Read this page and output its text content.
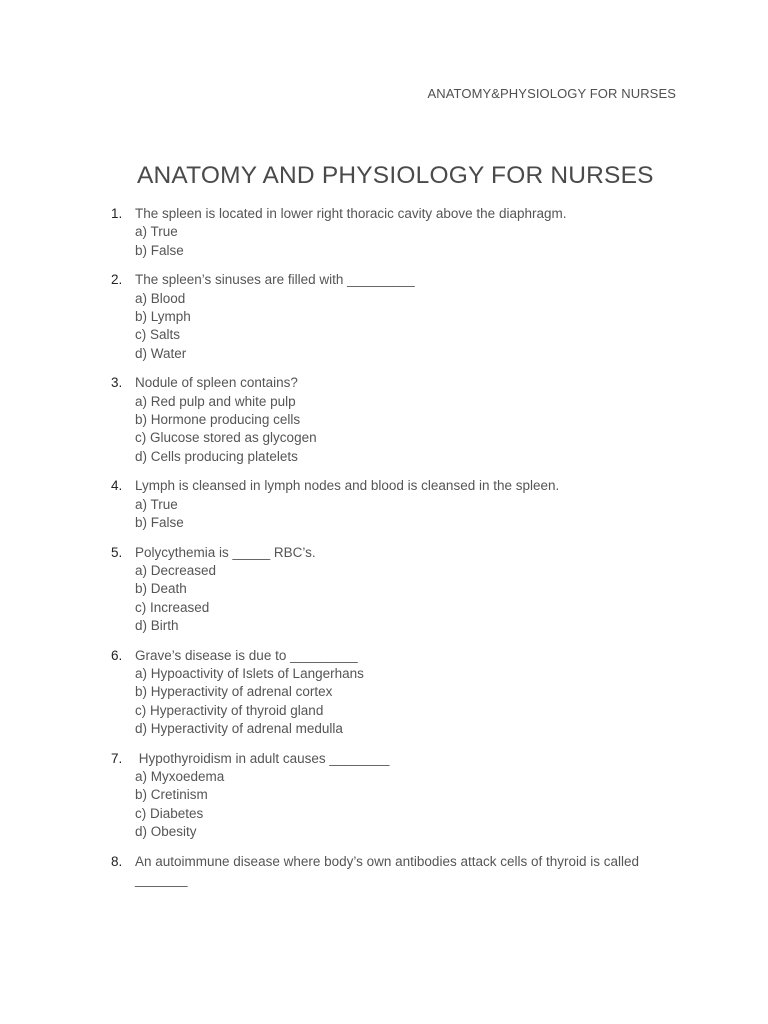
ANATOMY&PHYSIOLOGY FOR NURSES
ANATOMY AND PHYSIOLOGY FOR NURSES
1. The spleen is located in lower right thoracic cavity above the diaphragm.
a) True
b) False
2. The spleen’s sinuses are filled with _________
a) Blood
b) Lymph
c) Salts
d) Water
3. Nodule of spleen contains?
a) Red pulp and white pulp
b) Hormone producing cells
c) Glucose stored as glycogen
d) Cells producing platelets
4. Lymph is cleansed in lymph nodes and blood is cleansed in the spleen.
a) True
b) False
5. Polycythemia is _____ RBC’s.
a) Decreased
b) Death
c) Increased
d) Birth
6. Grave’s disease is due to _________
a) Hypoactivity of Islets of Langerhans
b) Hyperactivity of adrenal cortex
c) Hyperactivity of thyroid gland
d) Hyperactivity of adrenal medulla
7. Hypothyroidism in adult causes ________
a) Myxoedema
b) Cretinism
c) Diabetes
d) Obesity
8. An autoimmune disease where body’s own antibodies attack cells of thyroid is called _______
